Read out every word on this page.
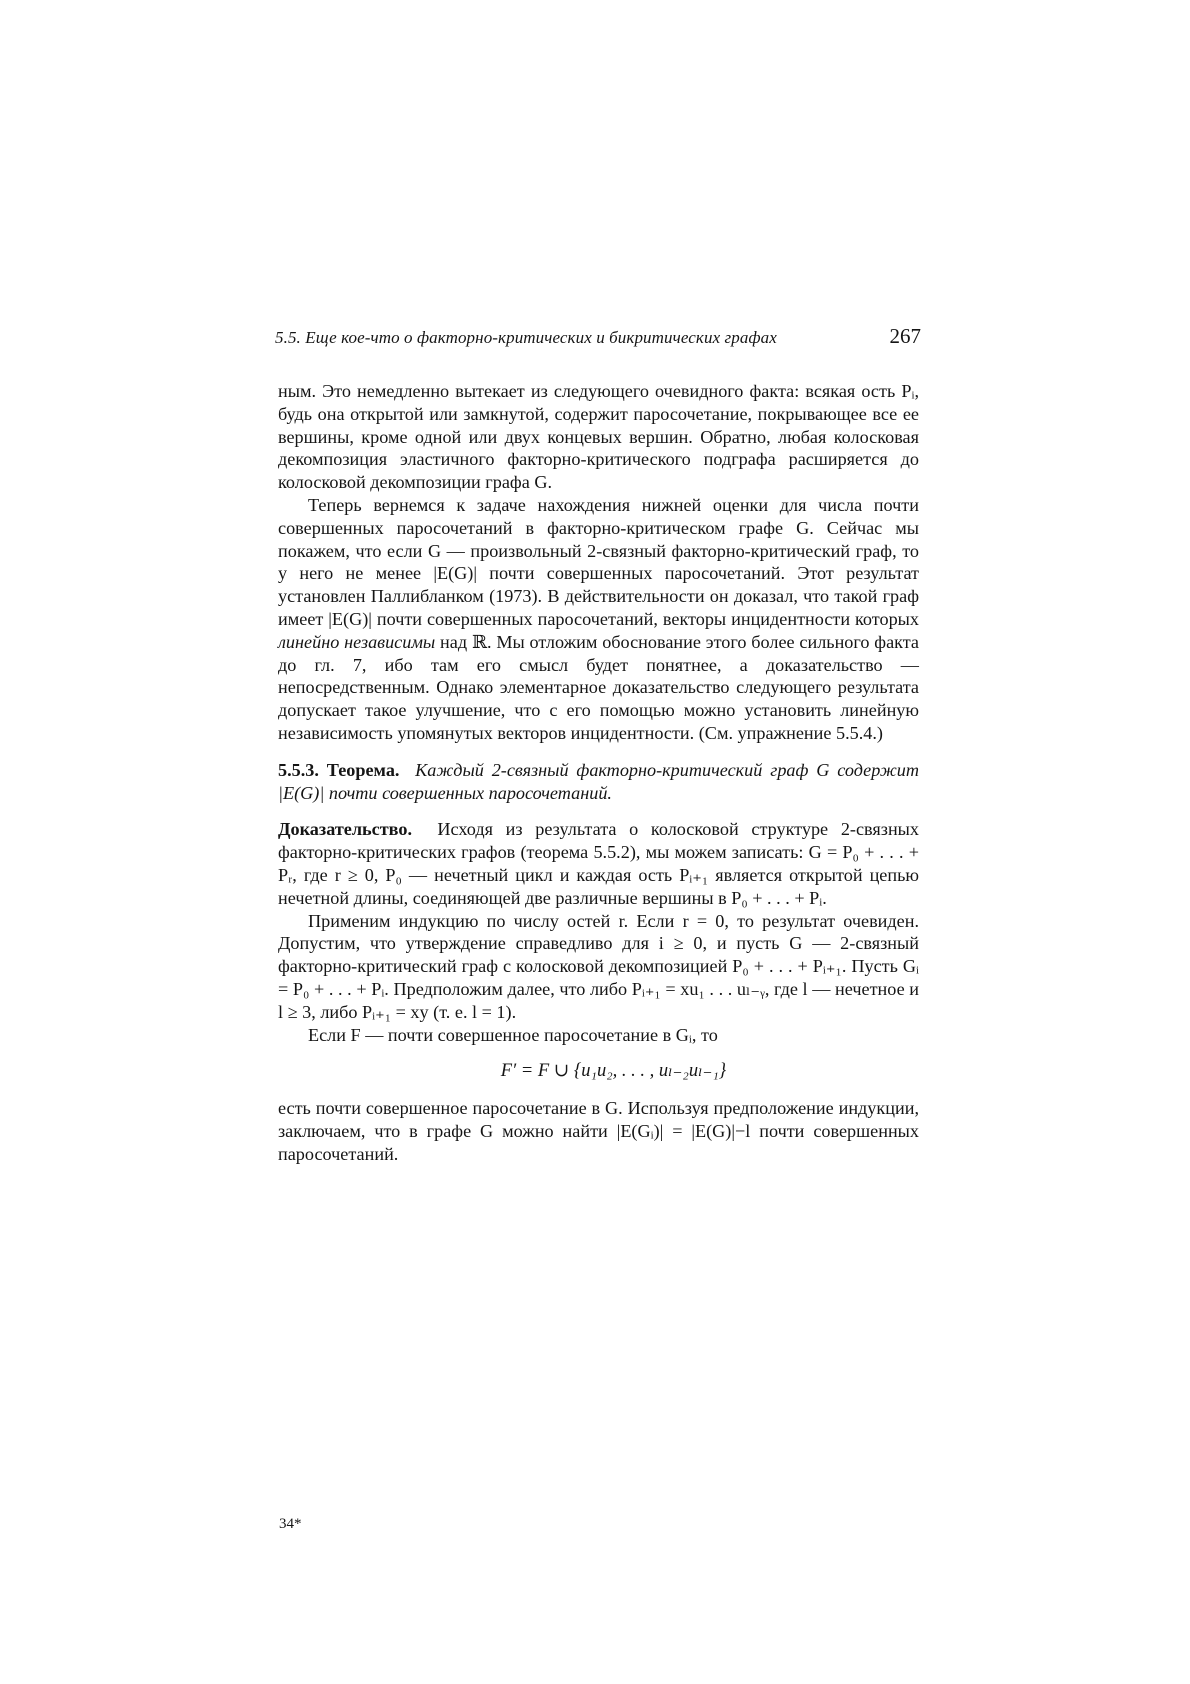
5.5. Еще кое-что о факторно-критических и бикритических графах	267

ным. Это немедленно вытекает из следующего очевидного факта: всякая ость Pᵢ, будь она открытой или замкнутой, содержит паросочетание, покрывающее все ее вершины, кроме одной или двух концевых вершин. Обратно, любая колосковая декомпозиция эластичного факторно-критического подграфа расширяется до колосковой декомпозиции графа G.

Теперь вернемся к задаче нахождения нижней оценки для числа почти совершенных паросочетаний в факторно-критическом графе G. Сейчас мы покажем, что если G — произвольный 2-связный факторно-критический граф, то у него не менее |E(G)| почти совершенных паросочетаний. Этот результат установлен Паллибланком (1973). В действительности он доказал, что такой граф имеет |E(G)| почти совершенных паросочетаний, векторы инцидентности которых линейно независимы над ℝ. Мы отложим обоснование этого более сильного факта до гл. 7, ибо там его смысл будет понятнее, а доказательство — непосредственным. Однако элементарное доказательство следующего результата допускает такое улучшение, что с его помощью можно установить линейную независимость упомянутых векторов инцидентности. (См. упражнение 5.5.4.)

5.5.3. Теорема. Каждый 2-связный факторно-критический граф G содержит |E(G)| почти совершенных паросочетаний.

Доказательство. Исходя из результата о колосковой структуре 2-связных факторно-критических графов (теорема 5.5.2), мы можем записать: G = P₀ + . . . + Pᵣ, где r ≥ 0, P₀ — нечетный цикл и каждая ость Pᵢ₊₁ является открытой цепью нечетной длины, соединяющей две различные вершины в P₀ + . . . + Pᵢ.

Применим индукцию по числу остей r. Если r = 0, то результат очевиден. Допустим, что утверждение справедливо для i ≥ 0, и пусть G — 2-связный факторно-критический граф с колосковой декомпозицией P₀ + . . . + Pᵢ₊₁. Пусть Gᵢ = P₀ + . . . + Pᵢ. Предположим далее, что либо Pᵢ₊₁ = xu₁ . . . uₗ₋ᵧ, где l — нечетное и l ≥ 3, либо Pᵢ₊₁ = xy (т. е. l = 1).

Если F — почти совершенное паросочетание в Gᵢ, то

F′ = F ∪ {u₁u₂, . . . , uₗ₋₂uₗ₋₁}

есть почти совершенное паросочетание в G. Используя предположение индукции, заключаем, что в графе G можно найти |E(Gᵢ)| = |E(G)|−l почти совершенных паросочетаний.

34*
